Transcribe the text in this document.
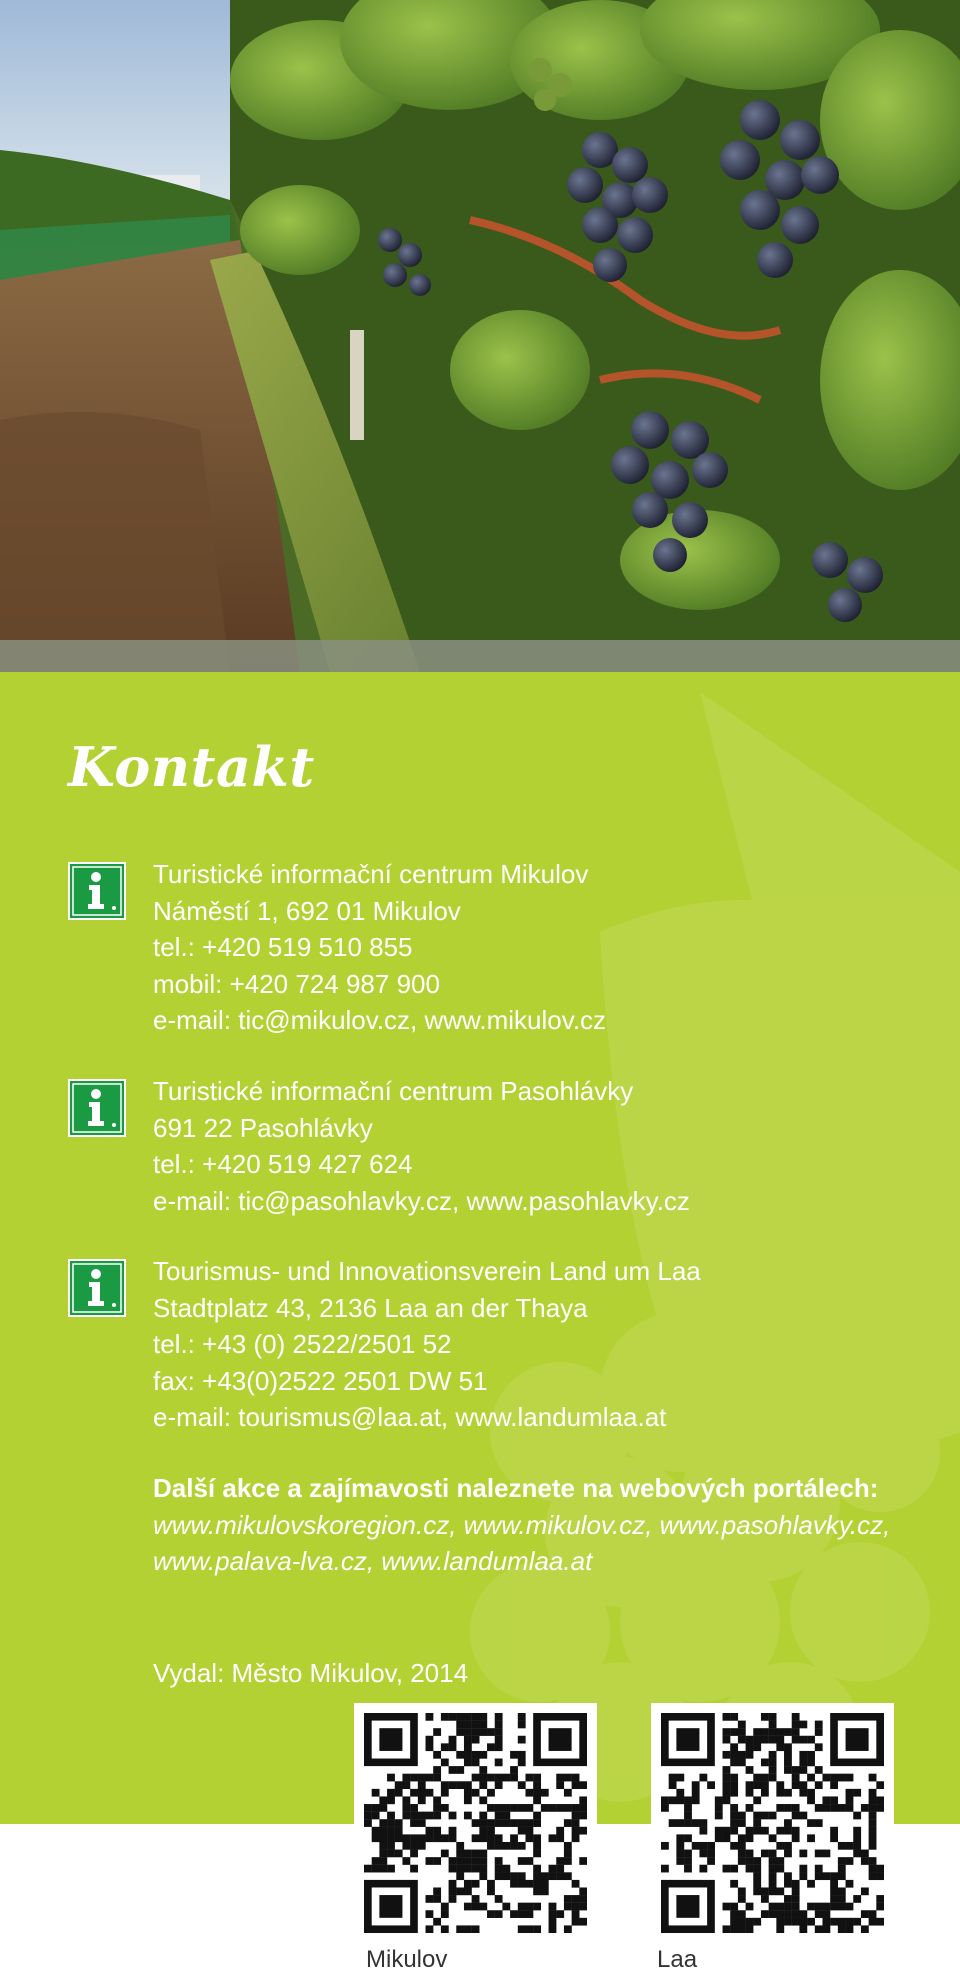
Kontakt
Turistické informační centrum Mikulov
Náměstí 1, 692 01 Mikulov
tel.: +420 519 510 855
mobil: +420 724 987 900
e-mail: tic@mikulov.cz, www.mikulov.cz
Turistické informační centrum Pasohlávky
691 22 Pasohlávky
tel.: +420 519 427 624
e-mail: tic@pasohlavky.cz, www.pasohlavky.cz
Tourismus- und Innovationsverein Land um Laa
Stadtplatz 43, 2136 Laa an der Thaya
tel.: +43 (0) 2522/2501 52
fax: +43(0)2522 2501 DW 51
e-mail: tourismus@laa.at, www.landumlaa.at
Další akce a zajímavosti naleznete na webových portálech: www.mikulovskoregion.cz, www.mikulov.cz, www.pasohlavky.cz, www.palava-lva.cz, www.landumlaa.at
Vydal: Město Mikulov, 2014
Mikulov	Laa
